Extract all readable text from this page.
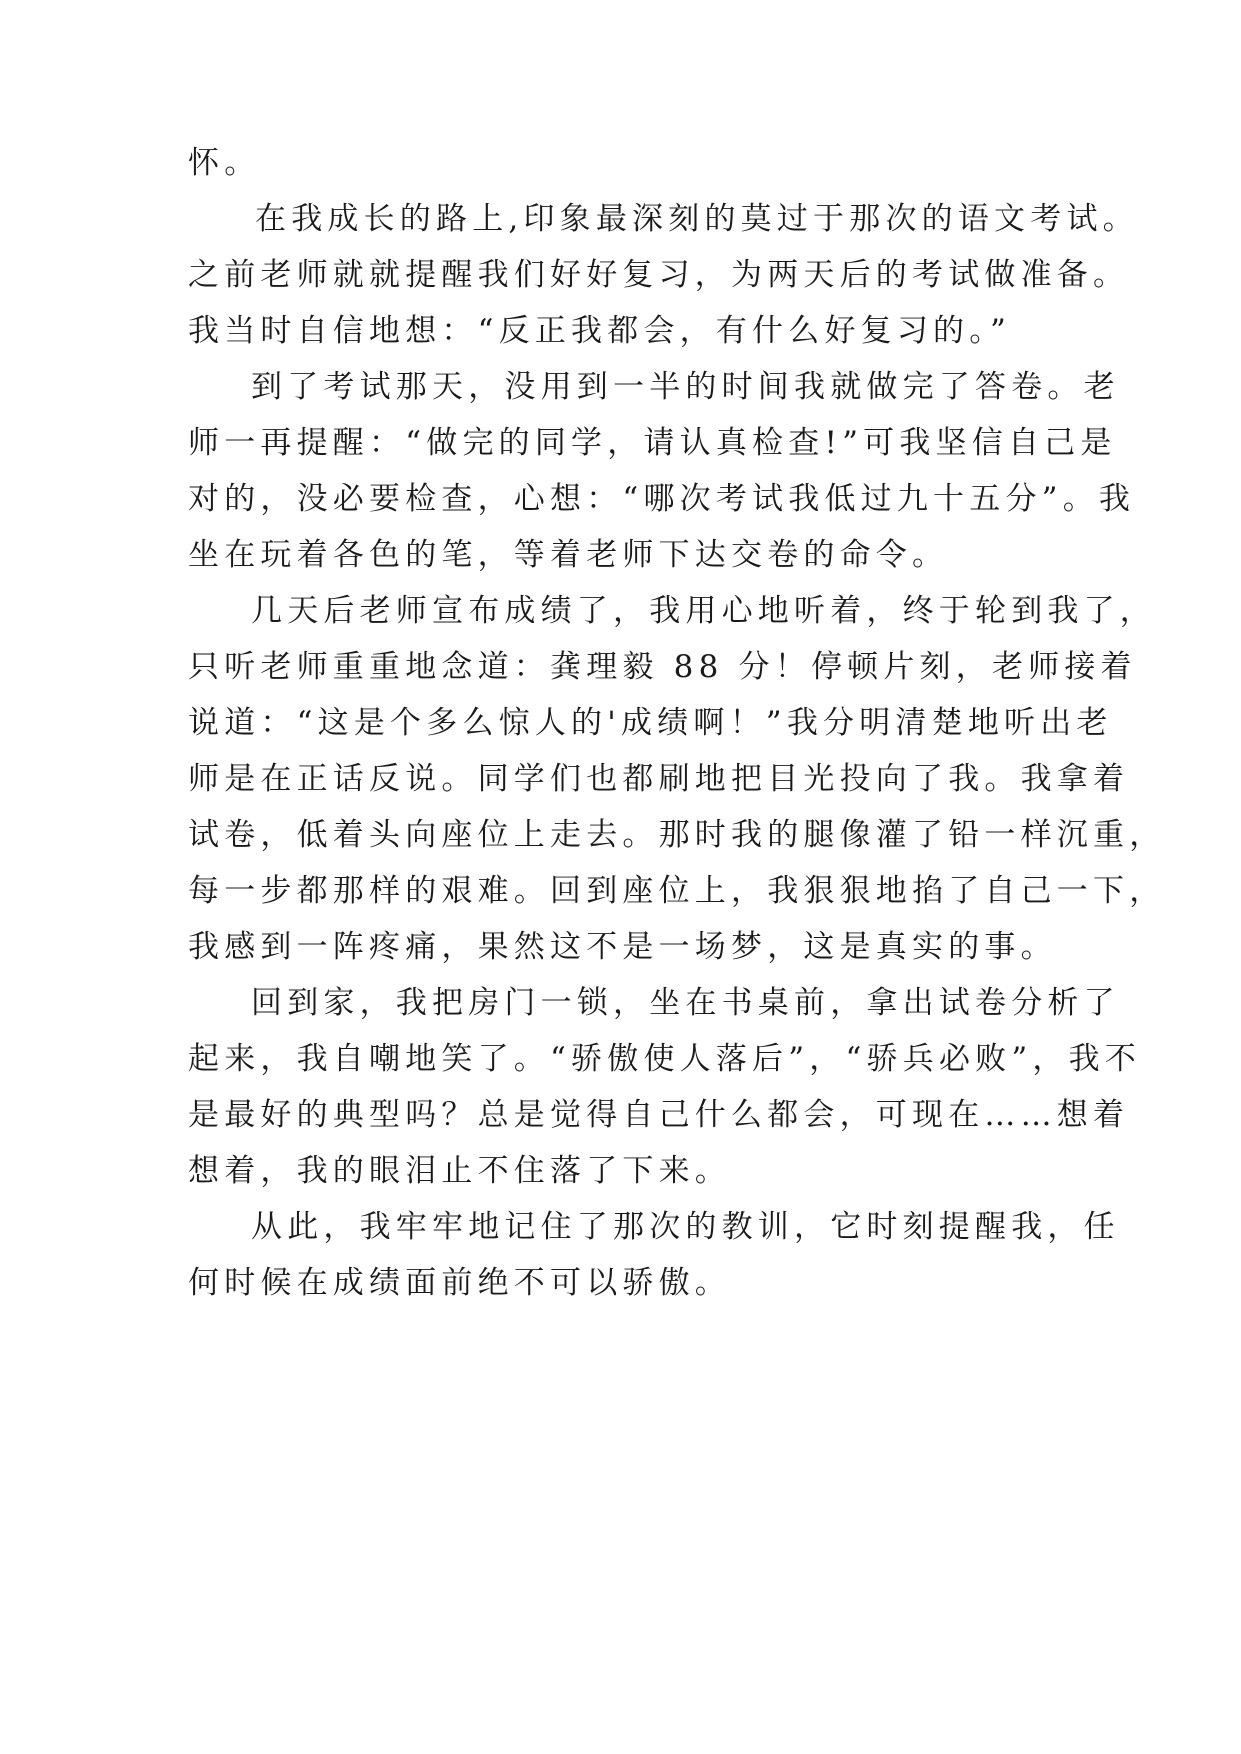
怀。
在我成长的路上,印象最深刻的莫过于那次的语文考试。
之前老师就就提醒我们好好复习，为两天后的考试做准备。
我当时自信地想：“反正我都会，有什么好复习的。”
到了考试那天，没用到一半的时间我就做完了答卷。老
师一再提醒：“做完的同学，请认真检查!”可我坚信自己是
对的，没必要检查，心想：“哪次考试我低过九十五分”。我
坐在玩着各色的笔，等着老师下达交卷的命令。
几天后老师宣布成绩了，我用心地听着，终于轮到我了，
只听老师重重地念道：龚理毅 88 分！停顿片刻，老师接着
说道：“这是个多么惊人的'成绩啊！”我分明清楚地听出老
师是在正话反说。同学们也都刷地把目光投向了我。我拿着
试卷，低着头向座位上走去。那时我的腿像灌了铅一样沉重，
每一步都那样的艰难。回到座位上，我狠狠地掐了自己一下，
我感到一阵疼痛，果然这不是一场梦，这是真实的事。
回到家，我把房门一锁，坐在书桌前，拿出试卷分析了
起来，我自嘲地笑了。“骄傲使人落后”，“骄兵必败”，我不
是最好的典型吗？总是觉得自己什么都会，可现在……想着
想着，我的眼泪止不住落了下来。
从此，我牢牢地记住了那次的教训，它时刻提醒我，任
何时候在成绩面前绝不可以骄傲。
